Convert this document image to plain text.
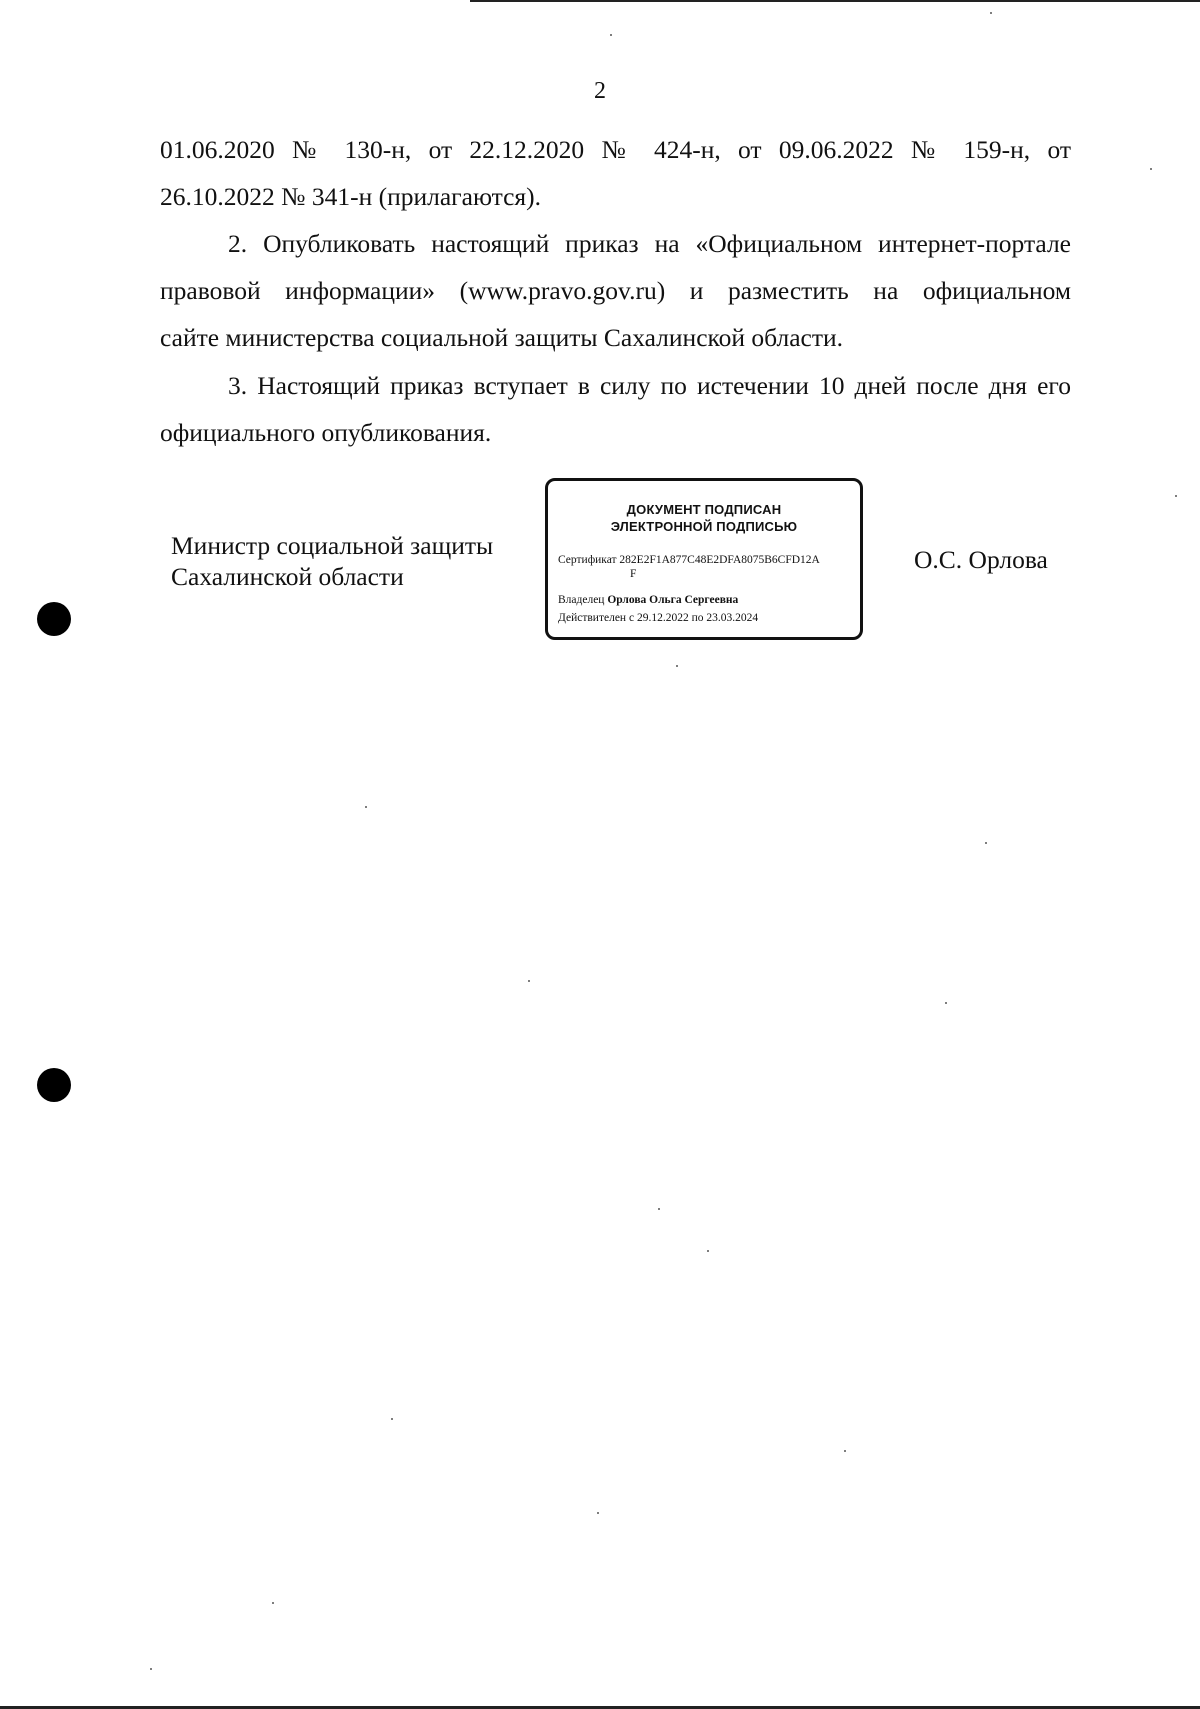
2
01.06.2020 № 130-н, от 22.12.2020 № 424-н, от 09.06.2022 № 159-н, от
26.10.2022 № 341-н (прилагаются).
2. Опубликовать настоящий приказ на «Официальном интернет-портале
правовой информации» (www.pravo.gov.ru) и разместить на официальном
сайте министерства социальной защиты Сахалинской области.
3. Настоящий приказ вступает в силу по истечении 10 дней после дня его
официального опубликования.
Министр социальной защиты
Сахалинской области
ДОКУМЕНТ ПОДПИСАН
ЭЛЕКТРОННОЙ ПОДПИСЬЮ
Сертификат 282E2F1A877C48E2DFA8075B6CFD12A
F
Владелец Орлова Ольга Сергеевна
Действителен с 29.12.2022 по 23.03.2024
О.С. Орлова
